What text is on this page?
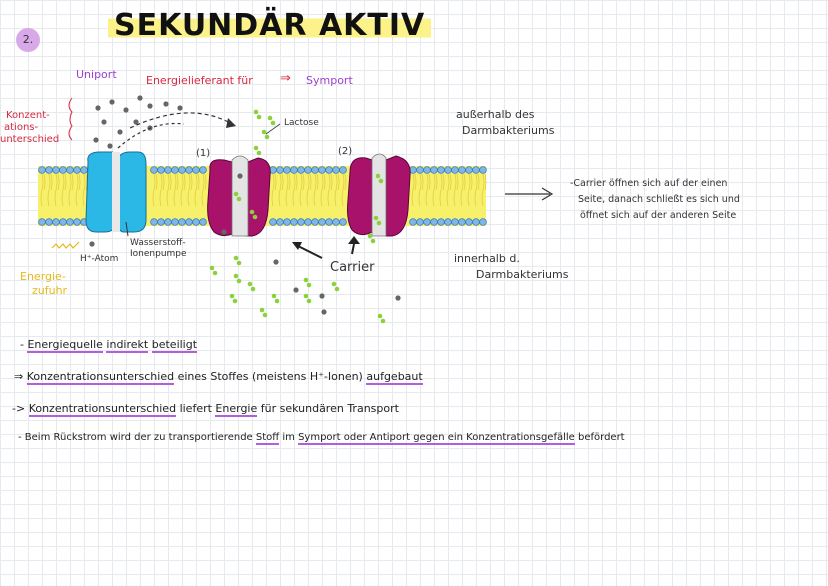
2.	SEKUNDÄR AKTIV
Uniport	Energielieferant für ⇒ Symport
Konzent-
ations-
unterschied
Lactose
(1)	(2)
außerhalb des
Darmbakteriums
innerhalb d.
Darmbakteriums
Wasserstoff-
Ionenpumpe
H⁺-Atom
Energie-
zufuhr
Carrier
-Carrier öffnen sich auf der einen
Seite, danach schließt es sich und
öffnet sich auf der anderen Seite
- Energiequelle indirekt beteiligt
⇒ Konzentrationsunterschied eines Stoffes (meistens H⁺-Ionen) aufgebaut
-> Konzentrationsunterschied liefert Energie für sekundären Transport
- Beim Rückstrom wird der zu transportierende Stoff im Symport oder Antiport gegen ein Konzentrationsgefälle befördert
